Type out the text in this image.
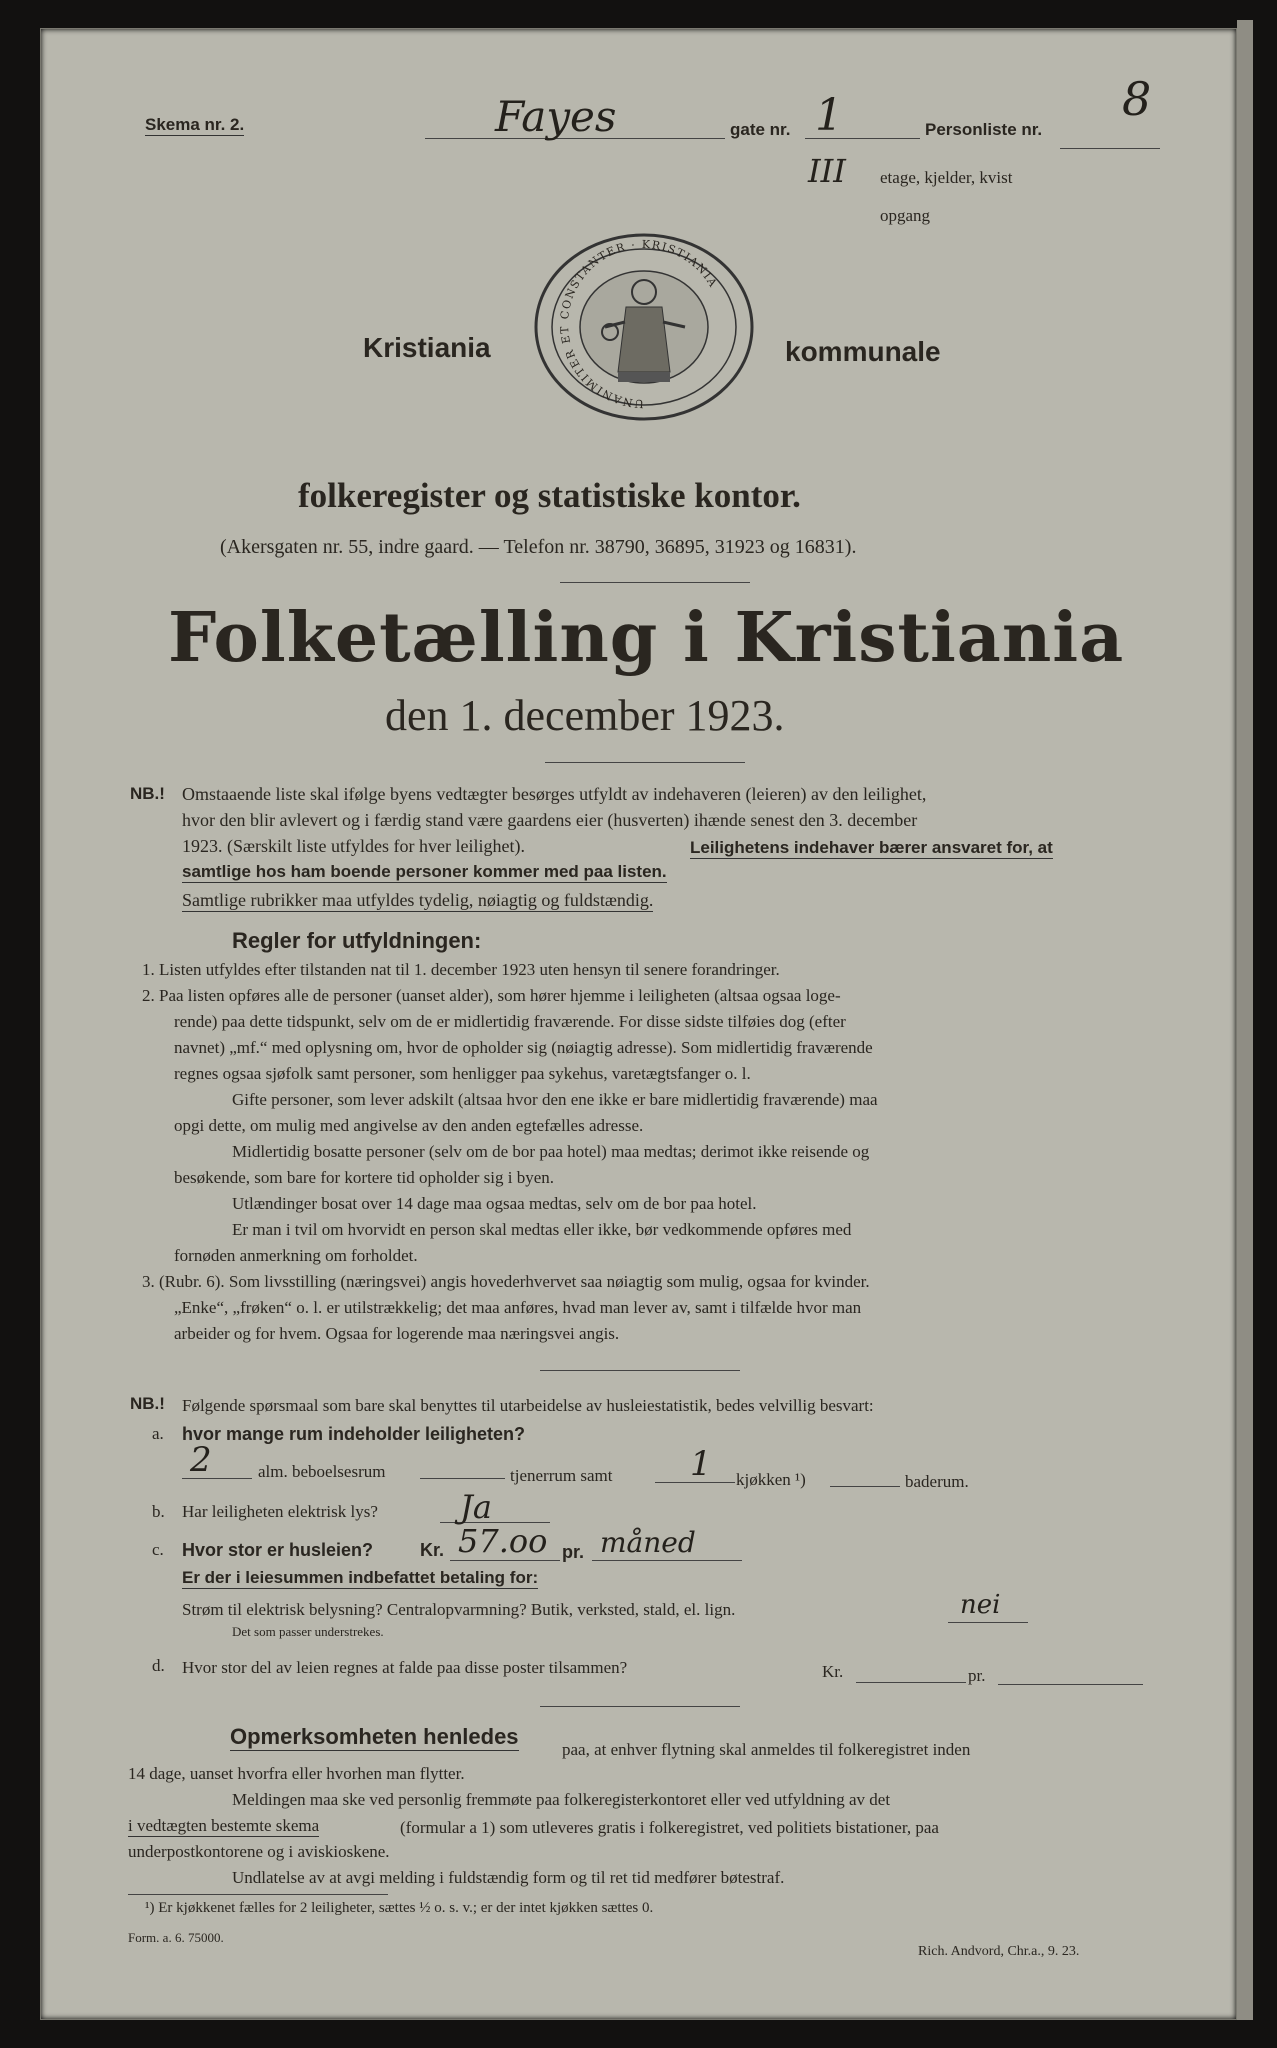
Skema nr. 2.	Fayes	gate nr. 1	Personliste nr.
8
III etage, kjelder, kvist
opgang
Kristiania	kommunale
UNANIMITER ET CONSTANTER · KRISTIANIA
folkeregister og statistiske kontor.
(Akersgaten nr. 55, indre gaard. — Telefon nr. 38790, 36895, 31923 og 16831).
Folketælling i Kristiania
den 1. december 1923.
NB.! Omstaaende liste skal ifølge byens vedtægter besørges utfyldt av indehaveren (leieren) av den leilighet,
hvor den blir avlevert og i færdig stand være gaardens eier (husverten) ihænde senest den 3. december
1923. (Særskilt liste utfyldes for hver leilighet).	Leilighetens indehaver bærer ansvaret for, at
samtlige hos ham boende personer kommer med paa listen.
Samtlige rubrikker maa utfyldes tydelig, nøiagtig og fuldstændig.
Regler for utfyldningen:
1. Listen utfyldes efter tilstanden nat til 1. december 1923 uten hensyn til senere forandringer.
2. Paa listen opføres alle de personer (uanset alder), som hører hjemme i leiligheten (altsaa ogsaa loge-
rende) paa dette tidspunkt, selv om de er midlertidig fraværende. For disse sidste tilføies dog (efter
navnet) „mf.“ med oplysning om, hvor de opholder sig (nøiagtig adresse). Som midlertidig fraværende
regnes ogsaa sjøfolk samt personer, som henligger paa sykehus, varetægtsfanger o. l.
Gifte personer, som lever adskilt (altsaa hvor den ene ikke er bare midlertidig fraværende) maa
opgi dette, om mulig med angivelse av den anden egtefælles adresse.
Midlertidig bosatte personer (selv om de bor paa hotel) maa medtas; derimot ikke reisende og
besøkende, som bare for kortere tid opholder sig i byen.
Utlændinger bosat over 14 dage maa ogsaa medtas, selv om de bor paa hotel.
Er man i tvil om hvorvidt en person skal medtas eller ikke, bør vedkommende opføres med
fornøden anmerkning om forholdet.
3. (Rubr. 6). Som livsstilling (næringsvei) angis hovederhvervet saa nøiagtig som mulig, ogsaa for kvinder.
„Enke“, „frøken“ o. l. er utilstrækkelig; det maa anføres, hvad man lever av, samt i tilfælde hvor man
arbeider og for hvem. Ogsaa for logerende maa næringsvei angis.
NB.! Følgende spørsmaal som bare skal benyttes til utarbeidelse av husleiestatistik, bedes velvillig besvart:
a. hvor mange rum indeholder leiligheten?
2	alm. beboelsesrum	tjenerrum samt 1 kjøkken ¹)	baderum.
b. Har leiligheten elektrisk lys?	Ja
c. Hvor stor er husleien?	Kr. 57.oo pr. måned
Er der i leiesummen indbefattet betaling for:
Strøm til elektrisk belysning? Centralopvarmning? Butik, verksted, stald, el. lign.	nei
Det som passer understrekes.
d. Hvor stor del av leien regnes at falde paa disse poster tilsammen?	Kr.	pr.
Opmerksomheten henledes
paa, at enhver flytning skal anmeldes til folkeregistret inden
14 dage, uanset hvorfra eller hvorhen man flytter.
Meldingen maa ske ved personlig fremmøte paa folkeregisterkontoret eller ved utfyldning av det
i vedtægten bestemte skema	(formular a 1) som utleveres gratis i folkeregistret, ved politiets bistationer, paa
underpostkontorene og i aviskioskene.
Undlatelse av at avgi melding i fuldstændig form og til ret tid medfører bøtestraf.
¹) Er kjøkkenet fælles for 2 leiligheter, sættes ½ o. s. v.; er der intet kjøkken sættes 0.
Form. a. 6. 75000.
Rich. Andvord, Chr.a., 9. 23.
